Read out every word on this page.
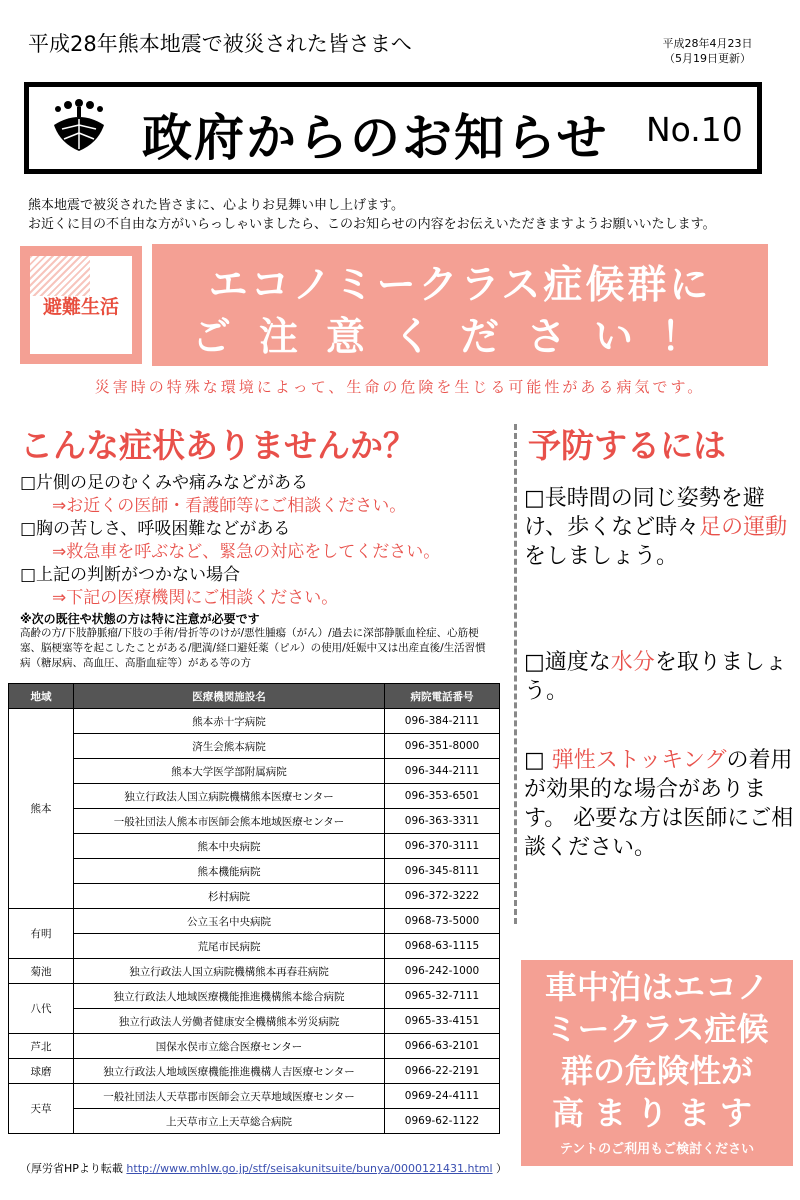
平成28年熊本地震で被災された皆さまへ	平成28年4月23日
（5月19日更新）
政府からのお知らせ No.10
熊本地震で被災された皆さまに、心よりお見舞い申し上げます。
お近くに目の不自由な方がいらっしゃいましたら、このお知らせの内容をお伝えいただきますようお願いいたします。
避難生活	エコノミークラス症候群に
ご注意ください！
災害時の特殊な環境によって、生命の危険を生じる可能性がある病気です。
こんな症状ありませんか？
□片側の足のむくみや痛みなどがある
⇒お近くの医師・看護師等にご相談ください。
□胸の苦しさ、呼吸困難などがある
⇒救急車を呼ぶなど、緊急の対応をしてください。
□上記の判断がつかない場合
⇒下記の医療機関にご相談ください。
※次の既往や状態の方は特に注意が必要です
高齢の方/下肢静脈瘤/下肢の手術/骨折等のけが/悪性腫瘍（がん）/過去に深部静脈血栓症、心筋梗塞、脳梗塞等を起こしたことがある/肥満/経口避妊薬（ピル）の使用/妊娠中又は出産直後/生活習慣病（糖尿病、高血圧、高脂血症等）がある等の方
予防するには
□長時間の同じ姿勢を避け、歩くなど時々足の運動をしましょう。
□適度な水分を取りましょう。
□ 弾性ストッキングの着用が効果的な場合があります。 必要な方は医師にご相談ください。
地域	医療機関施設名	病院電話番号
熊本	熊本赤十字病院	096-384-2111
	済生会熊本病院	096-351-8000
	熊本大学医学部附属病院	096-344-2111
	独立行政法人国立病院機構熊本医療センター	096-353-6501
	一般社団法人熊本市医師会熊本地域医療センター	096-363-3311
	熊本中央病院	096-370-3111
	熊本機能病院	096-345-8111
	杉村病院	096-372-3222
有明	公立玉名中央病院	0968-73-5000
	荒尾市民病院	0968-63-1115
菊池	独立行政法人国立病院機構熊本再春荘病院	096-242-1000
八代	独立行政法人地域医療機能推進機構熊本総合病院	0965-32-7111
	独立行政法人労働者健康安全機構熊本労災病院	0965-33-4151
芦北	国保水俣市立総合医療センター	0966-63-2101
球磨	独立行政法人地域医療機能推進機構人吉医療センター	0966-22-2191
天草	一般社団法人天草郡市医師会立天草地域医療センター	0969-24-4111
	上天草市立上天草総合病院	0969-62-1122
（厚労省HPより転載 http://www.mhlw.go.jp/stf/seisakunitsuite/bunya/0000121431.html ）
車中泊はエコノ
ミークラス症候
群の危険性が
高まります
テントのご利用もご検討ください
